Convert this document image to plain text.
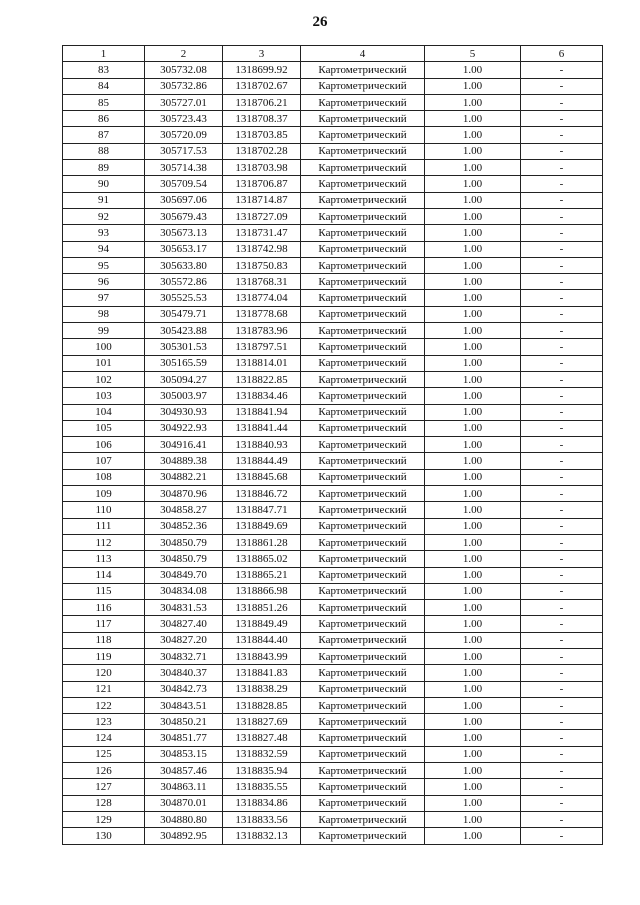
26
1	2	3	4	5	6
83	305732.08	1318699.92	Картометрический	1.00	-
84	305732.86	1318702.67	Картометрический	1.00	-
85	305727.01	1318706.21	Картометрический	1.00	-
86	305723.43	1318708.37	Картометрический	1.00	-
87	305720.09	1318703.85	Картометрический	1.00	-
88	305717.53	1318702.28	Картометрический	1.00	-
89	305714.38	1318703.98	Картометрический	1.00	-
90	305709.54	1318706.87	Картометрический	1.00	-
91	305697.06	1318714.87	Картометрический	1.00	-
92	305679.43	1318727.09	Картометрический	1.00	-
93	305673.13	1318731.47	Картометрический	1.00	-
94	305653.17	1318742.98	Картометрический	1.00	-
95	305633.80	1318750.83	Картометрический	1.00	-
96	305572.86	1318768.31	Картометрический	1.00	-
97	305525.53	1318774.04	Картометрический	1.00	-
98	305479.71	1318778.68	Картометрический	1.00	-
99	305423.88	1318783.96	Картометрический	1.00	-
100	305301.53	1318797.51	Картометрический	1.00	-
101	305165.59	1318814.01	Картометрический	1.00	-
102	305094.27	1318822.85	Картометрический	1.00	-
103	305003.97	1318834.46	Картометрический	1.00	-
104	304930.93	1318841.94	Картометрический	1.00	-
105	304922.93	1318841.44	Картометрический	1.00	-
106	304916.41	1318840.93	Картометрический	1.00	-
107	304889.38	1318844.49	Картометрический	1.00	-
108	304882.21	1318845.68	Картометрический	1.00	-
109	304870.96	1318846.72	Картометрический	1.00	-
110	304858.27	1318847.71	Картометрический	1.00	-
111	304852.36	1318849.69	Картометрический	1.00	-
112	304850.79	1318861.28	Картометрический	1.00	-
113	304850.79	1318865.02	Картометрический	1.00	-
114	304849.70	1318865.21	Картометрический	1.00	-
115	304834.08	1318866.98	Картометрический	1.00	-
116	304831.53	1318851.26	Картометрический	1.00	-
117	304827.40	1318849.49	Картометрический	1.00	-
118	304827.20	1318844.40	Картометрический	1.00	-
119	304832.71	1318843.99	Картометрический	1.00	-
120	304840.37	1318841.83	Картометрический	1.00	-
121	304842.73	1318838.29	Картометрический	1.00	-
122	304843.51	1318828.85	Картометрический	1.00	-
123	304850.21	1318827.69	Картометрический	1.00	-
124	304851.77	1318827.48	Картометрический	1.00	-
125	304853.15	1318832.59	Картометрический	1.00	-
126	304857.46	1318835.94	Картометрический	1.00	-
127	304863.11	1318835.55	Картометрический	1.00	-
128	304870.01	1318834.86	Картометрический	1.00	-
129	304880.80	1318833.56	Картометрический	1.00	-
130	304892.95	1318832.13	Картометрический	1.00	-
